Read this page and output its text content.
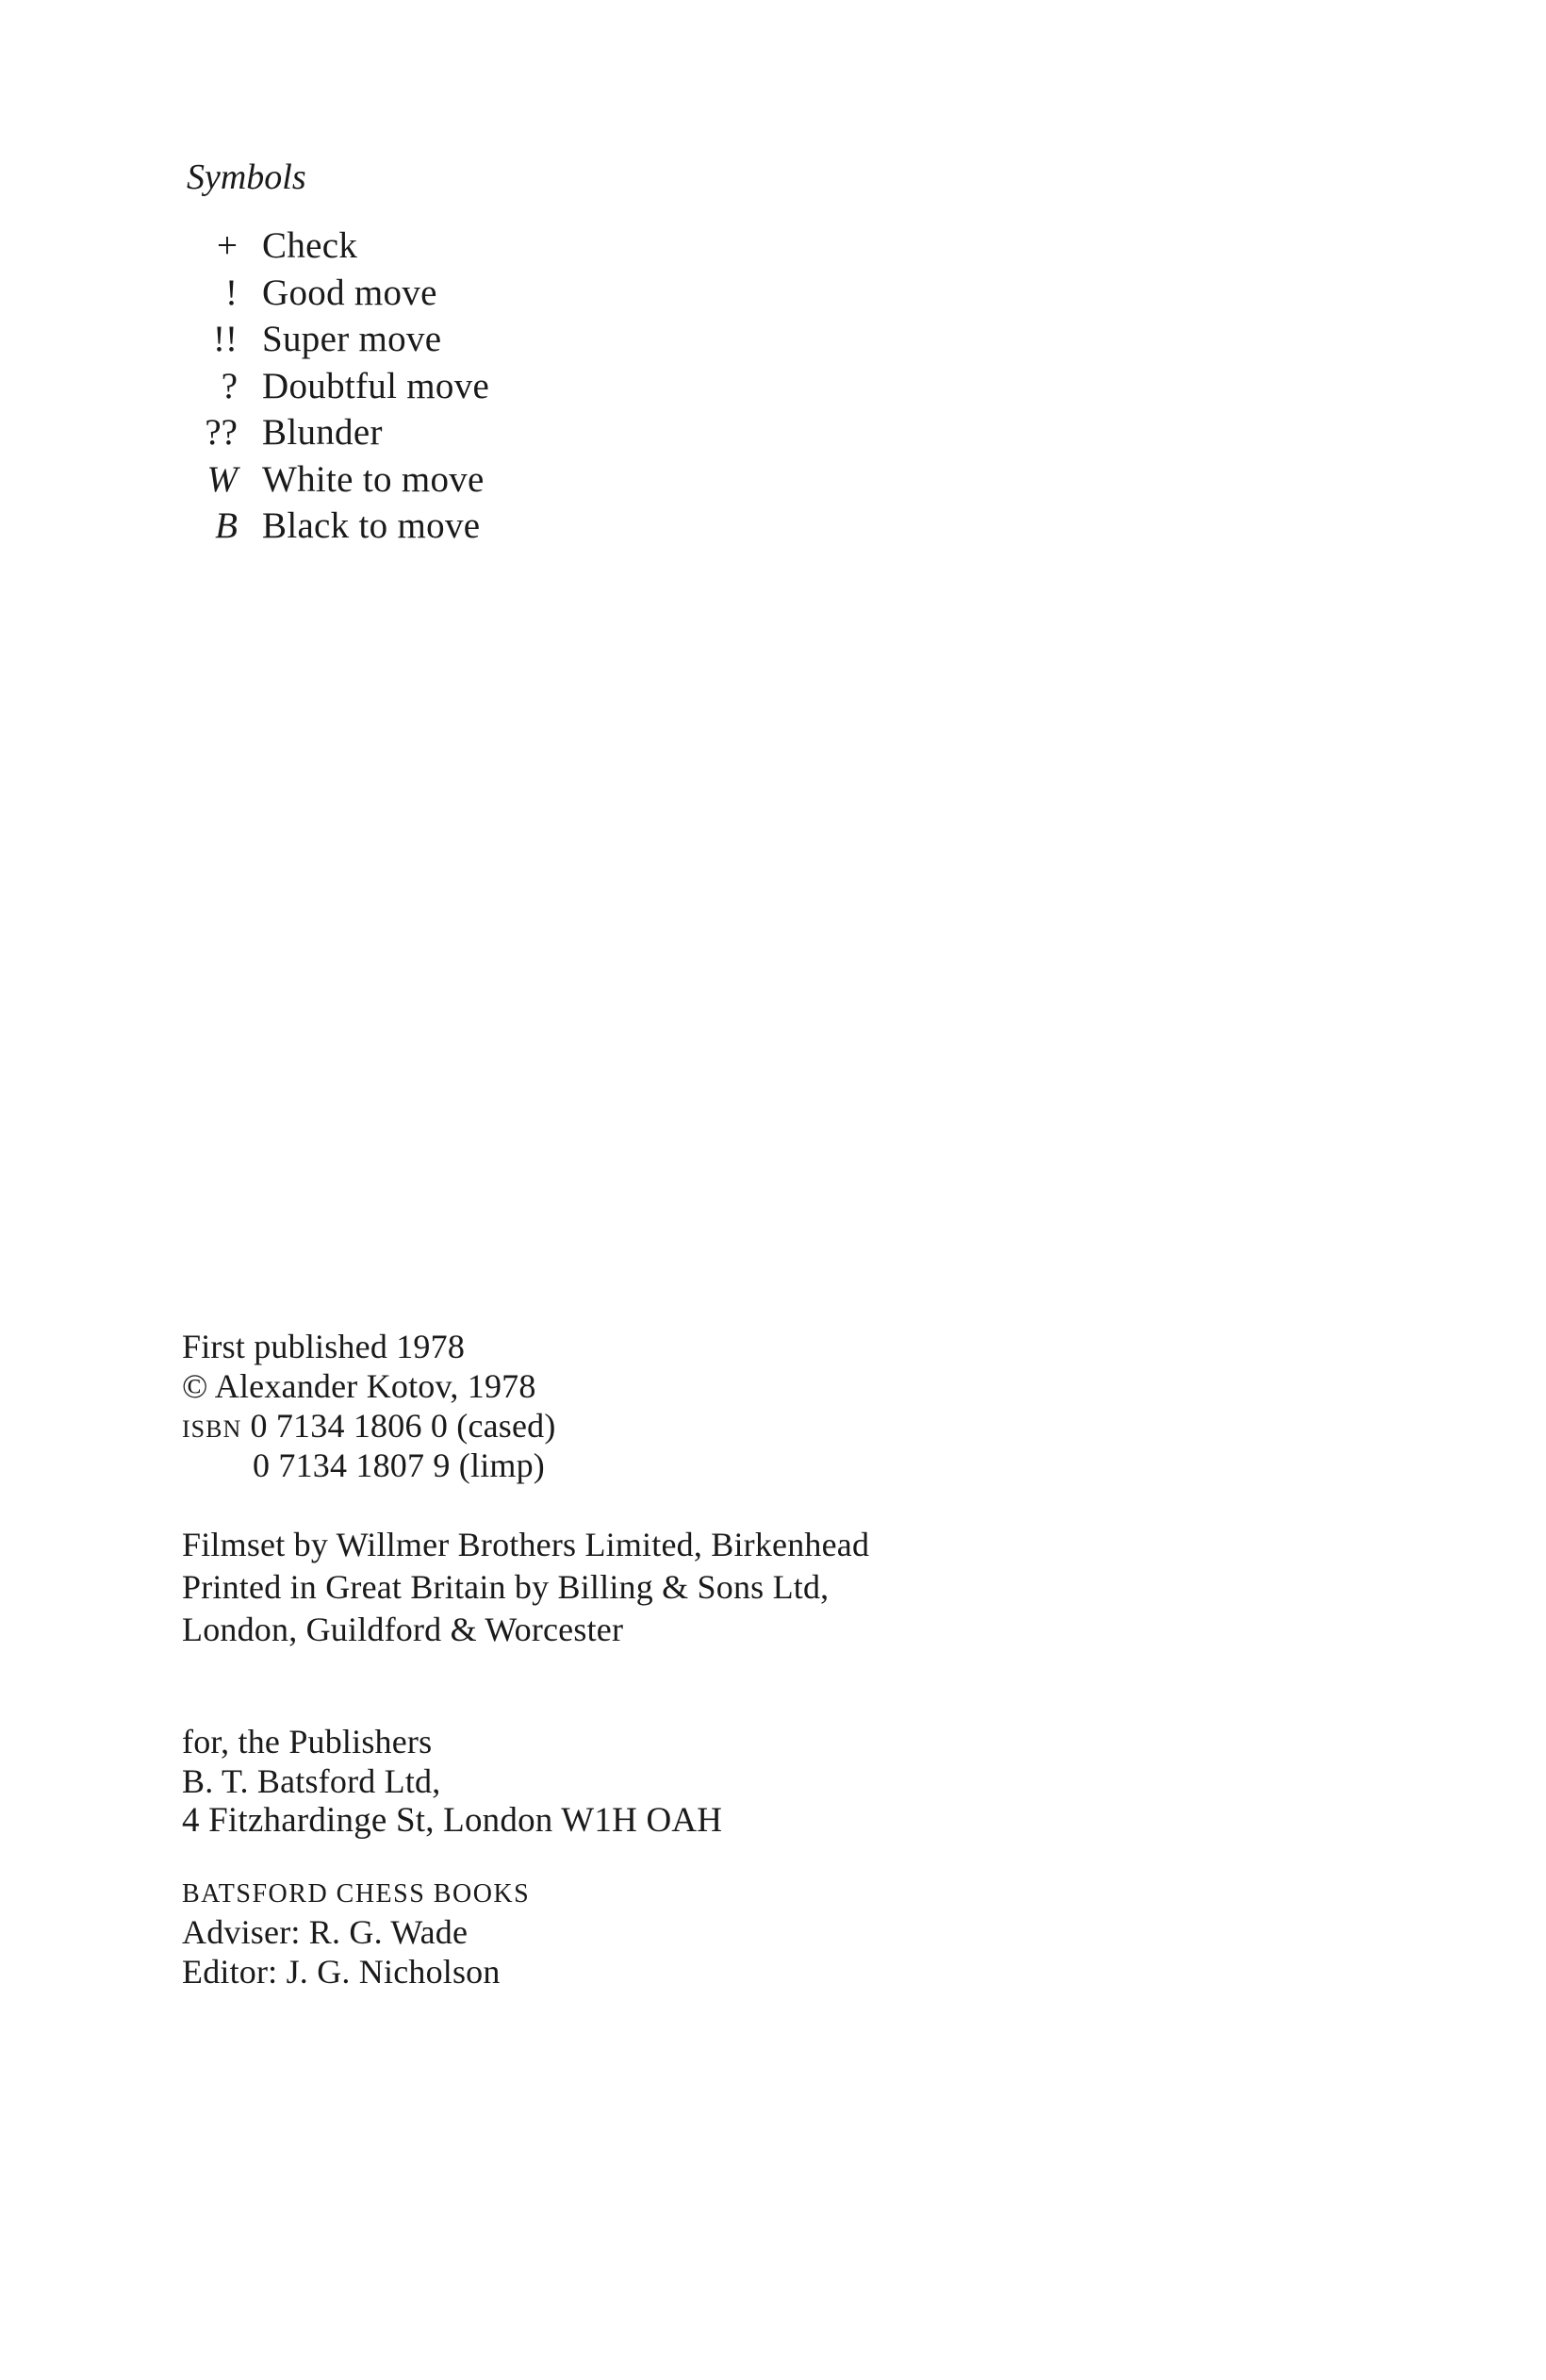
Symbols
+ Check
! Good move
!! Super move
? Doubtful move
?? Blunder
W White to move
B Black to move
First published 1978
© Alexander Kotov, 1978
ISBN 0 7134 1806 0 (cased)
0 7134 1807 9 (limp)
Filmset by Willmer Brothers Limited, Birkenhead
Printed in Great Britain by Billing & Sons Ltd,
London, Guildford & Worcester
for, the Publishers
B. T. Batsford Ltd,
4 Fitzhardinge St, London W1H OAH
BATSFORD CHESS BOOKS
Adviser: R. G. Wade
Editor: J. G. Nicholson
